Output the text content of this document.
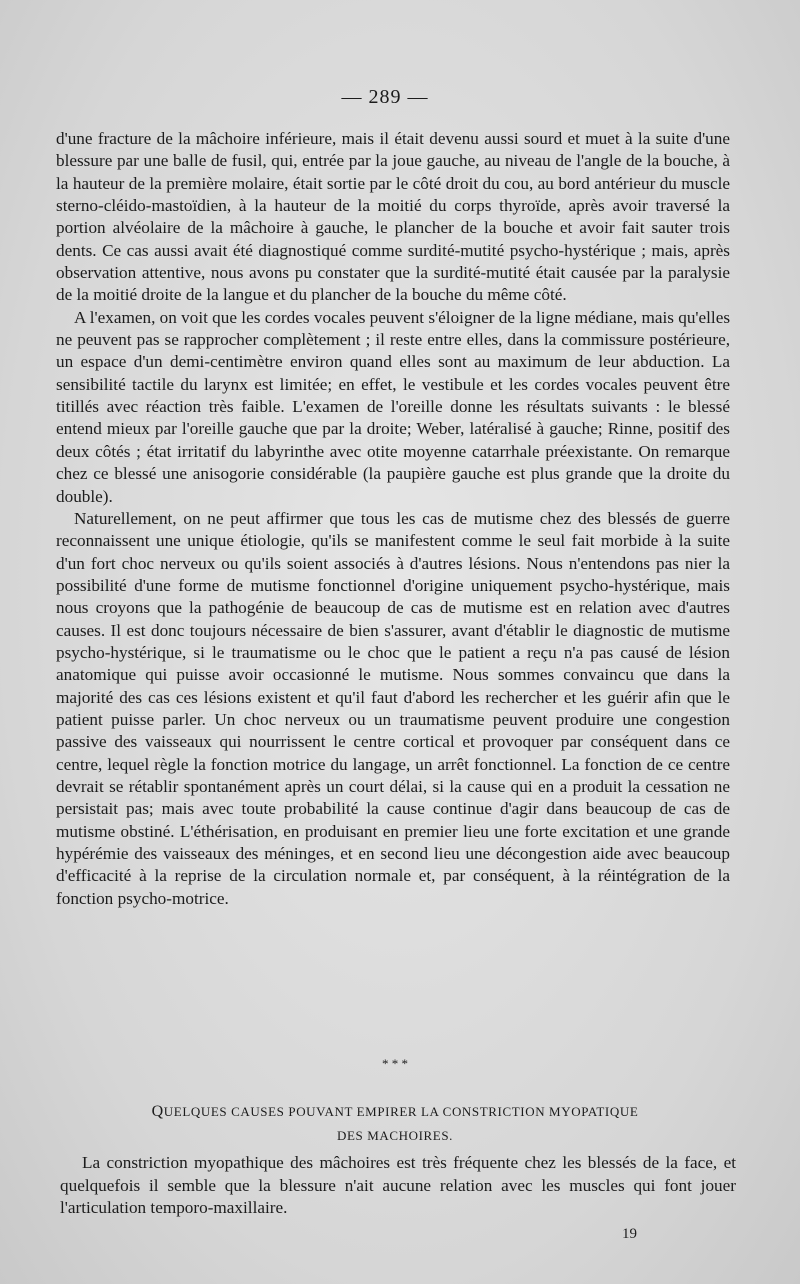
— 289 —

d'une fracture de la mâchoire inférieure, mais il était devenu aussi sourd et muet à la suite d'une blessure par une balle de fusil, qui, entrée par la joue gauche, au niveau de l'angle de la bouche, à la hauteur de la première molaire, était sortie par le côté droit du cou, au bord antérieur du muscle sterno-cléido-mastoïdien, à la hauteur de la moitié du corps thyroïde, après avoir traversé la portion alvéolaire de la mâchoire à gauche, le plancher de la bouche et avoir fait sauter trois dents. Ce cas aussi avait été diagnostiqué comme surdité-mutité psycho-hystérique ; mais, après observation attentive, nous avons pu constater que la surdité-mutité était causée par la paralysie de la moitié droite de la langue et du plancher de la bouche du même côté.

A l'examen, on voit que les cordes vocales peuvent s'éloigner de la ligne médiane, mais qu'elles ne peuvent pas se rapprocher complètement ; il reste entre elles, dans la commissure postérieure, un espace d'un demi-centimètre environ quand elles sont au maximum de leur abduction. La sensibilité tactile du larynx est limitée; en effet, le vestibule et les cordes vocales peuvent être titillés avec réaction très faible. L'examen de l'oreille donne les résultats suivants : le blessé entend mieux par l'oreille gauche que par la droite; Weber, latéralisé à gauche; Rinne, positif des deux côtés ; état irritatif du labyrinthe avec otite moyenne catarrhale préexistante. On remarque chez ce blessé une anisogorie considérable (la paupière gauche est plus grande que la droite du double).

Naturellement, on ne peut affirmer que tous les cas de mutisme chez des blessés de guerre reconnaissent une unique étiologie, qu'ils se manifestent comme le seul fait morbide à la suite d'un fort choc nerveux ou qu'ils soient associés à d'autres lésions. Nous n'entendons pas nier la possibilité d'une forme de mutisme fonctionnel d'origine uniquement psycho-hystérique, mais nous croyons que la pathogénie de beaucoup de cas de mutisme est en relation avec d'autres causes. Il est donc toujours nécessaire de bien s'assurer, avant d'établir le diagnostic de mutisme psycho-hystérique, si le traumatisme ou le choc que le patient a reçu n'a pas causé de lésion anatomique qui puisse avoir occasionné le mutisme. Nous sommes convaincu que dans la majorité des cas ces lésions existent et qu'il faut d'abord les rechercher et les guérir afin que le patient puisse parler. Un choc nerveux ou un traumatisme peuvent produire une congestion passive des vaisseaux qui nourrissent le centre cortical et provoquer par conséquent dans ce centre, lequel règle la fonction motrice du langage, un arrêt fonctionnel. La fonction de ce centre devrait se rétablir spontanément après un court délai, si la cause qui en a produit la cessation ne persistait pas; mais avec toute probabilité la cause continue d'agir dans beaucoup de cas de mutisme obstiné. L'éthérisation, en produisant en premier lieu une forte excitation et une grande hypérémie des vaisseaux des méninges, et en second lieu une décongestion aide avec beaucoup d'efficacité à la reprise de la circulation normale et, par conséquent, à la réintégration de la fonction psycho-motrice.

* * *
QUELQUES CAUSES POUVANT EMPIRER LA CONSTRICTION MYOPATIQUE
DES MACHOIRES.

La constriction myopathique des mâchoires est très fréquente chez les blessés de la face, et quelquefois il semble que la blessure n'ait aucune relation avec les muscles qui font jouer l'articulation temporo-maxillaire.

19
